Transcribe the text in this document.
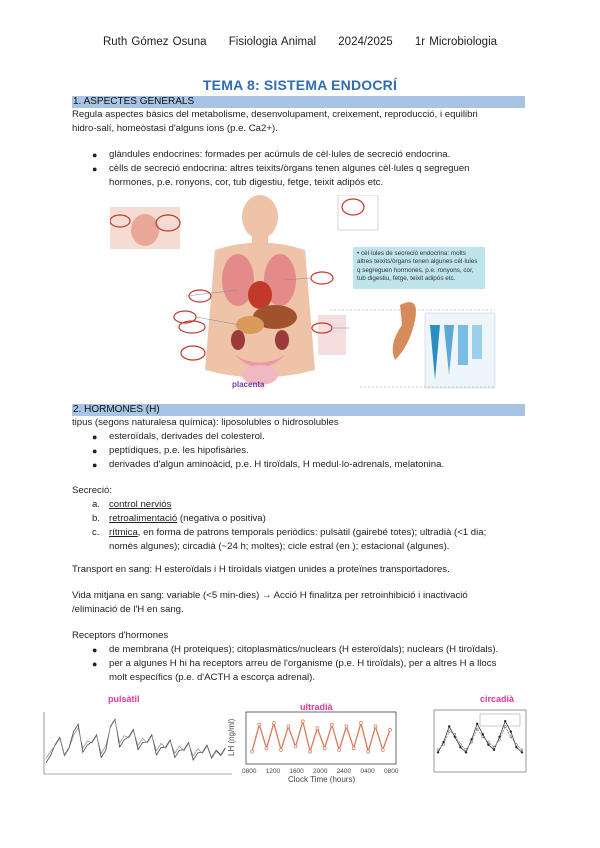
Ruth Gómez Osuna Fisiologia Animal 2024/2025 1r Microbiologia
TEMA 8: SISTEMA ENDOCRÍ
1. ASPECTES GENERALS
Regula aspectes bàsics del metabolisme, desenvolupament, creixement, reproducció, i equilibri
hidro-salí, homeòstasi d'alguns ions (p.e. Ca2+).
● glàndules endocrines: formades per acúmuls de cèl·lules de secreció endocrina.
● cèlls de secreció endocrina: altres teixits/òrgans tenen algunes cèl·lules q segreguen
hormones, p.e. ronyons, cor, tub digestiu, fetge, teixit adipós etc.
• cèl·lules de secreció endocrina: molts altres teixits/òrgans tenen algunes cèl·lules q segreguen hormones, p.e. ronyons, cor, tub digestiu, fetge, teixit adipós etc.
placenta
2. HORMONES (H)
tipus (segons naturalesa química): liposolubles o hidrosolubles
● esteroïdals, derivades del colesterol.
● peptídiques, p.e. les hipofisàries.
● derivades d'algun aminoàcid, p.e. H tiroïdals, H medul·lo-adrenals, melatonina.
Secreció:
a. control nerviós
b. retroalimentació (negativa o positiva)
c. rítmica, en forma de patrons temporals periòdics: pulsàtil (gairebé totes); ultradià (<1 dia;
només algunes); circadià (~24 h; moltes); cicle estral (en ); estacional (algunes).
Transport en sang: H esteroïdals i H tiroïdals viatgen unides a proteïnes transportadores.
Vida mitjana en sang: variable (<5 min-dies) → Acció H finalitza per retroinhibició i inactivació
/eliminació de l'H en sang.
Receptors d'hormones
● de membrana (H proteiques); citoplasmàtics/nuclears (H esteroïdals); nuclears (H tiroïdals).
● per a algunes H hi ha receptors arreu de l'organisme (p.e. H tiroïdals), per a altres H a llocs
molt específics (p.e. d'ACTH a escorça adrenal).
pulsàtil
ultradià
circadià
0800 1200 1600 2000 2400 0400 0800
LH (ng/ml)
Clock Time (hours)
